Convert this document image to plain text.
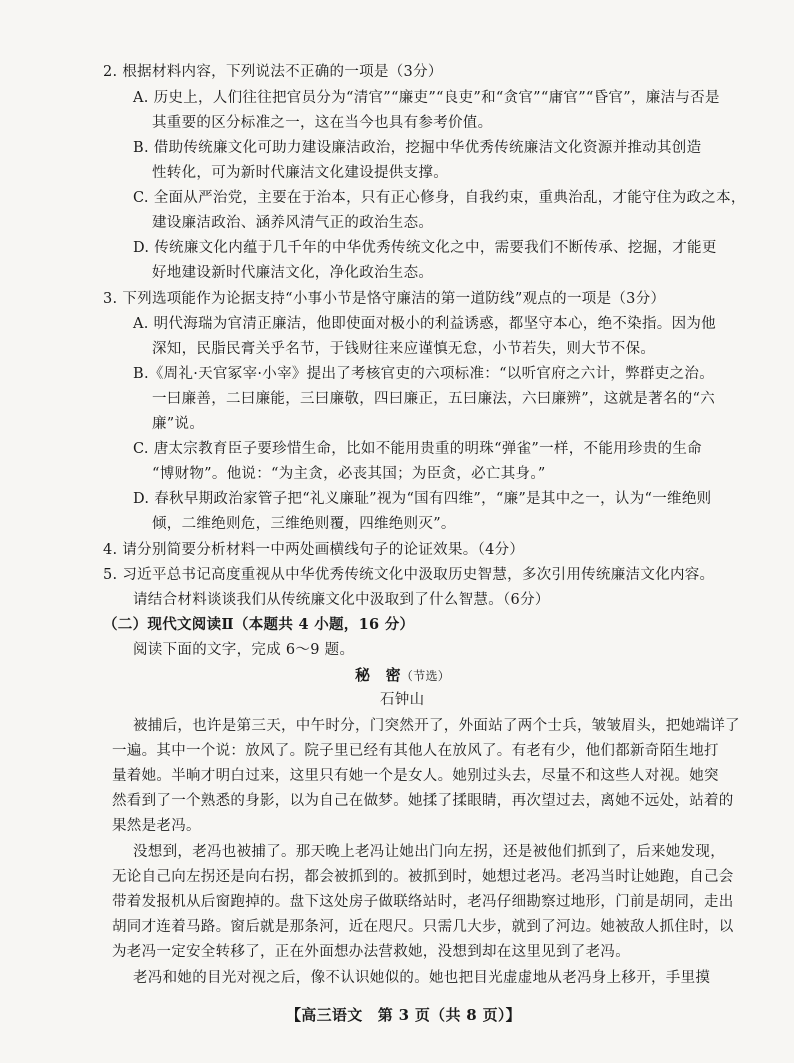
2. 根据材料内容，下列说法不正确的一项是（3分）
A. 历史上，人们往往把官员分为“清官”“廉吏”“良吏”和“贪官”“庸官”“昏官”，廉洁与否是
其重要的区分标准之一，这在当今也具有参考价值。
B. 借助传统廉文化可助力建设廉洁政治，挖掘中华优秀传统廉洁文化资源并推动其创造
性转化，可为新时代廉洁文化建设提供支撑。
C. 全面从严治党，主要在于治本，只有正心修身，自我约束，重典治乱，才能守住为政之本，
建设廉洁政治、涵养风清气正的政治生态。
D. 传统廉文化内蕴于几千年的中华优秀传统文化之中，需要我们不断传承、挖掘，才能更
好地建设新时代廉洁文化，净化政治生态。
3. 下列选项能作为论据支持“小事小节是恪守廉洁的第一道防线”观点的一项是（3分）
A. 明代海瑞为官清正廉洁，他即使面对极小的利益诱惑，都坚守本心，绝不染指。因为他
深知，民脂民膏关乎名节，于钱财往来应谨慎无怠，小节若失，则大节不保。
B.《周礼·天官冢宰·小宰》提出了考核官吏的六项标准：“以听官府之六计，弊群吏之治。
一曰廉善，二曰廉能，三曰廉敬，四曰廉正，五曰廉法，六曰廉辨”，这就是著名的“六
廉”说。
C. 唐太宗教育臣子要珍惜生命，比如不能用贵重的明珠“弹雀”一样，不能用珍贵的生命
“博财物”。他说：“为主贪，必丧其国；为臣贪，必亡其身。”
D. 春秋早期政治家管子把“礼义廉耻”视为“国有四维”，“廉”是其中之一，认为“一维绝则
倾，二维绝则危，三维绝则覆，四维绝则灭”。
4. 请分别简要分析材料一中两处画横线句子的论证效果。（4分）
5. 习近平总书记高度重视从中华优秀传统文化中汲取历史智慧，多次引用传统廉洁文化内容。
请结合材料谈谈我们从传统廉文化中汲取到了什么智慧。（6分）
（二）现代文阅读Ⅱ（本题共 4 小题，16 分）
阅读下面的文字，完成 6～9 题。
秘　密（节选）
石钟山
被捕后，也许是第三天，中午时分，门突然开了，外面站了两个士兵，皱皱眉头，把她端详了
一遍。其中一个说：放风了。院子里已经有其他人在放风了。有老有少，他们都新奇陌生地打
量着她。半晌才明白过来，这里只有她一个是女人。她别过头去，尽量不和这些人对视。她突
然看到了一个熟悉的身影，以为自己在做梦。她揉了揉眼睛，再次望过去，离她不远处，站着的
果然是老冯。
没想到，老冯也被捕了。那天晚上老冯让她出门向左拐，还是被他们抓到了，后来她发现，
无论自己向左拐还是向右拐，都会被抓到的。被抓到时，她想过老冯。老冯当时让她跑，自己会
带着发报机从后窗跑掉的。盘下这处房子做联络站时，老冯仔细勘察过地形，门前是胡同，走出
胡同才连着马路。窗后就是那条河，近在咫尺。只需几大步，就到了河边。她被敌人抓住时，以
为老冯一定安全转移了，正在外面想办法营救她，没想到却在这里见到了老冯。
老冯和她的目光对视之后，像不认识她似的。她也把目光虚虚地从老冯身上移开，手里摸
【高三语文　第 3 页（共 8 页）】
